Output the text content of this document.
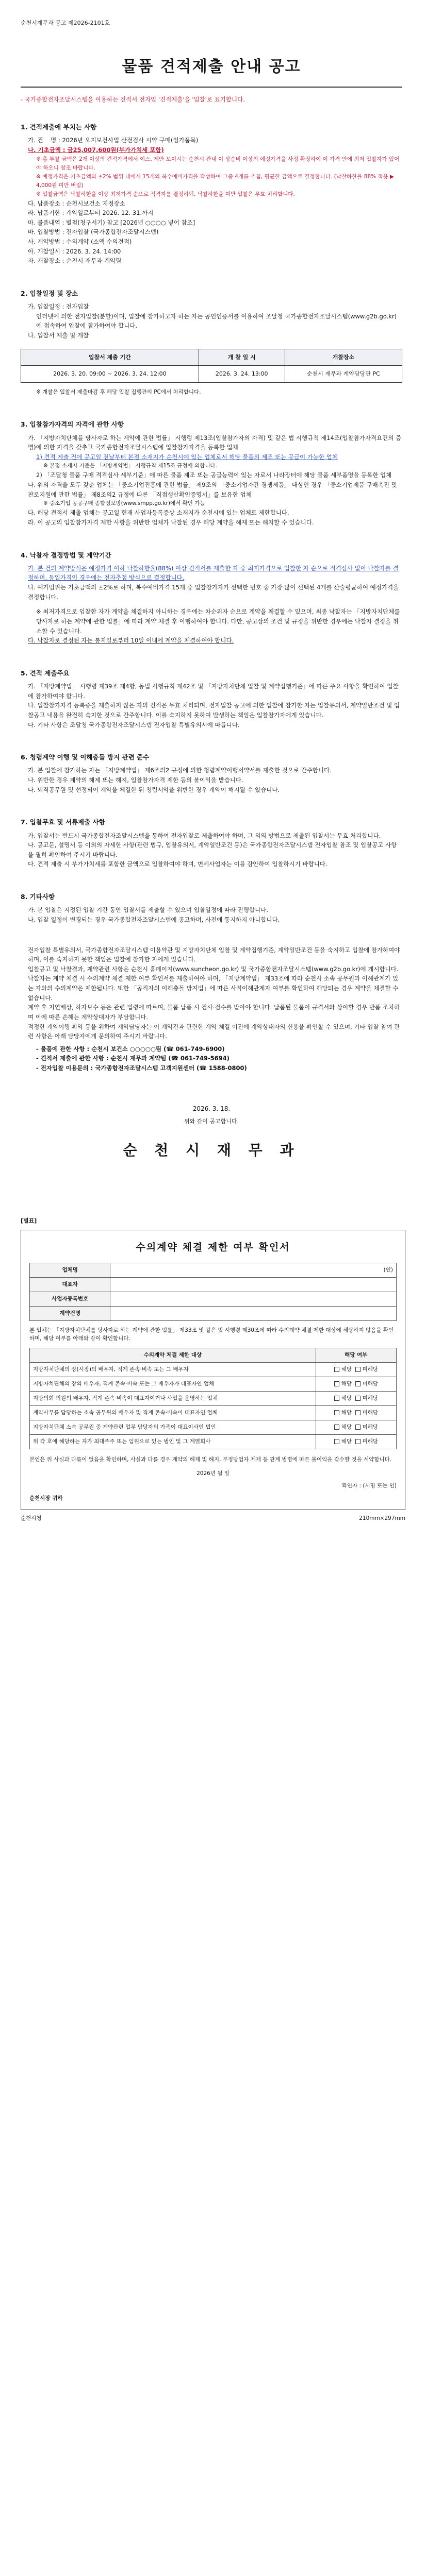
순천시재무과 공고 제2026-2101호
물품 견적제출 안내 공고
- 국가종합전자조달시스템을 이용하는 견적서 전자입 '견적제출'을 '입찰'로 표기합니다.
1. 견적제출에 부치는 사항
가. 건    명 : 2026년 오지보건사업 산전검사 시약 구매(임가품목)
나. 기초금액 : 금25,007,600원(부가가치세 포함)
※ 총 투찰 금액은 2개 이상의 견적가격에서 이스, 제안 보이시는 순천시 관내 이 상승비 이상의 예정가격을 사정 확정하이 이 가격 안에 최저 입찰자가 있어야 하오니 참조 바랍니다.
※ 예정가격은 기초금액의 ±2% 범위 내에서 15개의 복수예비가격을 작성하여 그중 4개를 추첨, 평균한 금액으로 결정합니다. (낙찰하한율 88% 적용 ▶ 4,000원 미만 버림)
※ 입찰금액은 낙찰하한율 이상 최저가격 순으로 적격자를 결정하되, 낙찰하한율 미만 입찰은 무효 처리합니다.
다. 납품장소 : 순천시보건소 지정장소
라. 납품기한 : 계약일로부터 2026. 12. 31.까지
마. 물품내역 : 별첨(청구서기) 참고 [2026년 ○○○○ 넣어 참조]
바. 입찰방법 : 전자입찰 (국가종합전자조달시스템)
사. 계약방법 : 수의계약 (소액 수의견적)
아. 개찰일시 : 2026. 3. 24. 14:00
자. 개찰장소 : 순천시 재무과 계약팀
2. 입찰일정 및 장소
가. 입찰일정 : 전자입찰
인터넷에 의한 전자입찰(분할)이며, 입찰에 참가하고자 하는 자는 공인인증서를 이용하여 조달청 국가종합전자조달시스템(www.g2b.go.kr)에 접속하여 입찰에 참가하여야 합니다.
나. 입찰서 제출 및 개찰
입찰서 제출 기간	개 찰 일 시	개찰장소
2026. 3. 20. 09:00 ~ 2026. 3. 24. 12:00	2026. 3. 24. 13:00	순천시 재무과 계약담당관 PC
※ 개찰은 입찰서 제출마감 후 해당 입찰 집행관의 PC에서 처리합니다.
3. 입찰참가자격의 자격에 관한 사항
가. 「지방자치단체를 당사자로 하는 계약에 관한 법률」 시행령 제13조(입찰참가자의 자격) 및 같은 법 시행규칙 제14조(입찰참가자격요건의 증명)에 의한 자격을 갖추고 국가종합전자조달시스템에 입찰참가자격을 등록한 업체
1) 견적 제출 전에 공고일 전날부터 본점 소재지가 순천시에 있는 업체로서 해당 물품의 제조 또는 공급이 가능한 업체
※ 본점 소재지 기준은 「지방계약법」 시행규칙 제15조 규정에 의합니다.
2) 「조달청 물품 구매 적격심사 세부기준」에 따른 물품 제조 또는 공급능력이 있는 자로서 나라장터에 해당 물품 세부품명을 등록한 업체
나. 위의 자격을 모두 갖춘 업체는 「중소기업진흥에 관한 법률」 제9조의 「중소기업자간 경쟁제품」 대상인 경우 「중소기업제품 구매촉진 및 판로지원에 관한 법률」 제8조의2 규정에 따른 「직접생산확인증명서」를 보유한 업체
※ 중소기업 공공구매 종합정보망(www.smpp.go.kr)에서 확인 가능
다. 해당 견적서 제출 업체는 공고일 현재 사업자등록증상 소재지가 순천시에 있는 업체로 제한합니다.
라. 이 공고의 입찰참가자격 제한 사항을 위반한 업체가 낙찰된 경우 해당 계약을 해제 또는 해지할 수 있습니다.
4. 낙찰자 결정방법 및 계약기간
가. 본 건의 계약방식은 예정가격 이하 낙찰하한율(88%) 이상 견적서를 제출한 자 중 최저가격으로 입찰한 자 순으로 적격심사 없이 낙찰자를 결정하며, 동일가격인 경우에는 전자추첨 방식으로 결정합니다.
나. 예가범위는 기초금액의 ±2%로 하며, 복수예비가격 15개 중 입찰참가자가 선택한 번호 중 가장 많이 선택된 4개를 산술평균하여 예정가격을 결정합니다.
※ 최저가격으로 입찰한 자가 계약을 체결하지 아니하는 경우에는 차순위자 순으로 계약을 체결할 수 있으며, 최종 낙찰자는 「지방자치단체를 당사자로 하는 계약에 관한 법률」에 따라 계약 체결 후 이행하여야 합니다. 다만, 공고상의 조건 및 규정을 위반한 경우에는 낙찰자 결정을 취소할 수 있습니다.
다. 낙찰자로 결정된 자는 통지일로부터 10일 이내에 계약을 체결하여야 합니다.
5. 견적 제출주요
가. 「지방계약법」 시행령 제39조 제4항, 동법 시행규칙 제42조 및 「지방자치단체 입찰 및 계약집행기준」에 따른 주요 사항을 확인하여 입찰에 참가하여야 합니다.
나. 입찰참가자격 등록증을 제출하지 않은 자의 견적은 무효 처리되며, 전자입찰 공고에 의한 입찰에 참가한 자는 입찰유의서, 계약일반조건 및 입찰공고 내용을 완전히 숙지한 것으로 간주합니다. 이를 숙지하지 못하여 발생하는 책임은 입찰참가자에게 있습니다.
다. 기타 사항은 조달청 국가종합전자조달시스템 전자입찰 특별유의서에 따릅니다.
6. 청렴계약 이행 및 이해충돌 방지 관련 준수
가. 본 입찰에 참가하는 자는 「지방계약법」 제6조의2 규정에 의한 청렴계약이행서약서를 제출한 것으로 간주합니다.
나. 위반한 경우 계약의 해제 또는 해지, 입찰참가자격 제한 등의 불이익을 받습니다.
다. 퇴직공무원 및 선정되어 계약을 체결한 뒤 청렴서약을 위반한 경우 계약이 해지될 수 있습니다.
7. 입찰무효 및 서류제출 사항
가. 입찰서는 반드시 국가종합전자조달시스템을 통하여 전자입찰로 제출하여야 하며, 그 외의 방법으로 제출된 입찰서는 무효 처리합니다.
나. 공고문, 설명서 등 이외의 자세한 사항(관련 법규, 입찰유의서, 계약일반조건 등)은 국가종합전자조달시스템 전자입찰 참조 및 입찰공고 사항을 필히 확인하여 주시기 바랍니다.
다. 견적 제출 시 부가가치세를 포함한 금액으로 입찰하여야 하며, 면세사업자는 이를 감안하여 입찰하시기 바랍니다.
8. 기타사항
가. 본 입찰은 지정된 입찰 기간 동안 입찰서를 제출할 수 있으며 입찰일정에 따라 진행합니다.
나. 입찰 일정이 변경되는 경우 국가종합전자조달시스템에 공고하며, 사전에 통지하지 아니합니다.
전자입찰 특별유의서, 국가종합전자조달시스템 이용약관 및 지방자치단체 입찰 및 계약집행기준, 계약일반조건 등을 숙지하고 입찰에 참가하여야 하며, 이를 숙지하지 못한 책임은 입찰에 참가한 자에게 있습니다.
입찰공고 및 낙찰결과, 계약관련 사항은 순천시 홈페이지(www.suncheon.go.kr) 및 국가종합전자조달시스템(www.g2b.go.kr)에 게시합니다.
낙찰자는 계약 체결 시 수의계약 체결 제한 여부 확인서를 제출하여야 하며, 「지방계약법」 제33조에 따라 순천시 소속 공무원과 이해관계가 있는 자와의 수의계약은 제한됩니다. 또한 「공직자의 이해충돌 방지법」에 따른 사적이해관계자 여부를 확인하여 해당되는 경우 계약을 체결할 수 없습니다.
계약 후 지연배상, 하자보수 등은 관련 법령에 따르며, 물품 납품 시 검사·검수를 받아야 합니다. 납품된 물품이 규격서와 상이할 경우 반품 조치하며 이에 따른 손해는 계약상대자가 부담합니다.
적정한 계약이행 확약 등을 위하여 계약담당자는 이 계약건과 관련한 계약 체결 이전에 계약상대자의 신용을 확인할 수 있으며, 기타 입찰 참여 관련 사항은 아래 담당자에게 문의하여 주시기 바랍니다.
- 물품에 관한 사항 : 순천시 보건소 ○○○○○팀 (☎ 061-749-6900)
- 견적서 제출에 관한 사항 : 순천시 재무과 계약팀 (☎ 061-749-5694)
- 전자입찰 이용문의 : 국가종합전자조달시스템 고객지원센터 (☎ 1588-0800)
2026. 3. 18.
위와 같이 공고합니다.
순 천 시 재 무 과
[별표]
수의계약 체결 제한 여부 확인서
업체명	(인)
대표자	
사업자등록번호	
계약건명	
본 업체는 「지방자치단체를 당사자로 하는 계약에 관한 법률」 제33조 및 같은 법 시행령 제30조에 따라 수의계약 체결 제한 대상에 해당하지 않음을 확인하며, 해당 여부를 아래와 같이 확인합니다.
수의계약 체결 제한 대상	해당 여부
지방자치단체의 장(시장)의 배우자, 직계 존속·비속 또는 그 배우자	해당 미해당
지방자치단체의 장의 배우자, 직계 존속·비속 또는 그 배우자가 대표자인 업체	해당 미해당
지방의회 의원의 배우자, 직계 존속·비속이 대표자이거나 사업을 운영하는 업체	해당 미해당
계약사무를 담당하는 소속 공무원의 배우자 및 직계 존속·비속이 대표자인 업체	해당 미해당
지방자치단체 소속 공무원 중 계약관련 업무 담당자의 가족이 대표이사인 법인	해당 미해당
위 각 호에 해당하는 자가 최대주주 또는 임원으로 있는 법인 및 그 계열회사	해당 미해당
본인은 위 사실과 다름이 없음을 확인하며, 사실과 다를 경우 계약의 해제 및 해지, 부정당업자 제재 등 관계 법령에 따른 불이익을 감수할 것을 서약합니다.
2026년 월 일
확인자 : (서명 또는 인)
순천시장 귀하
순천시청	210mm×297mm
